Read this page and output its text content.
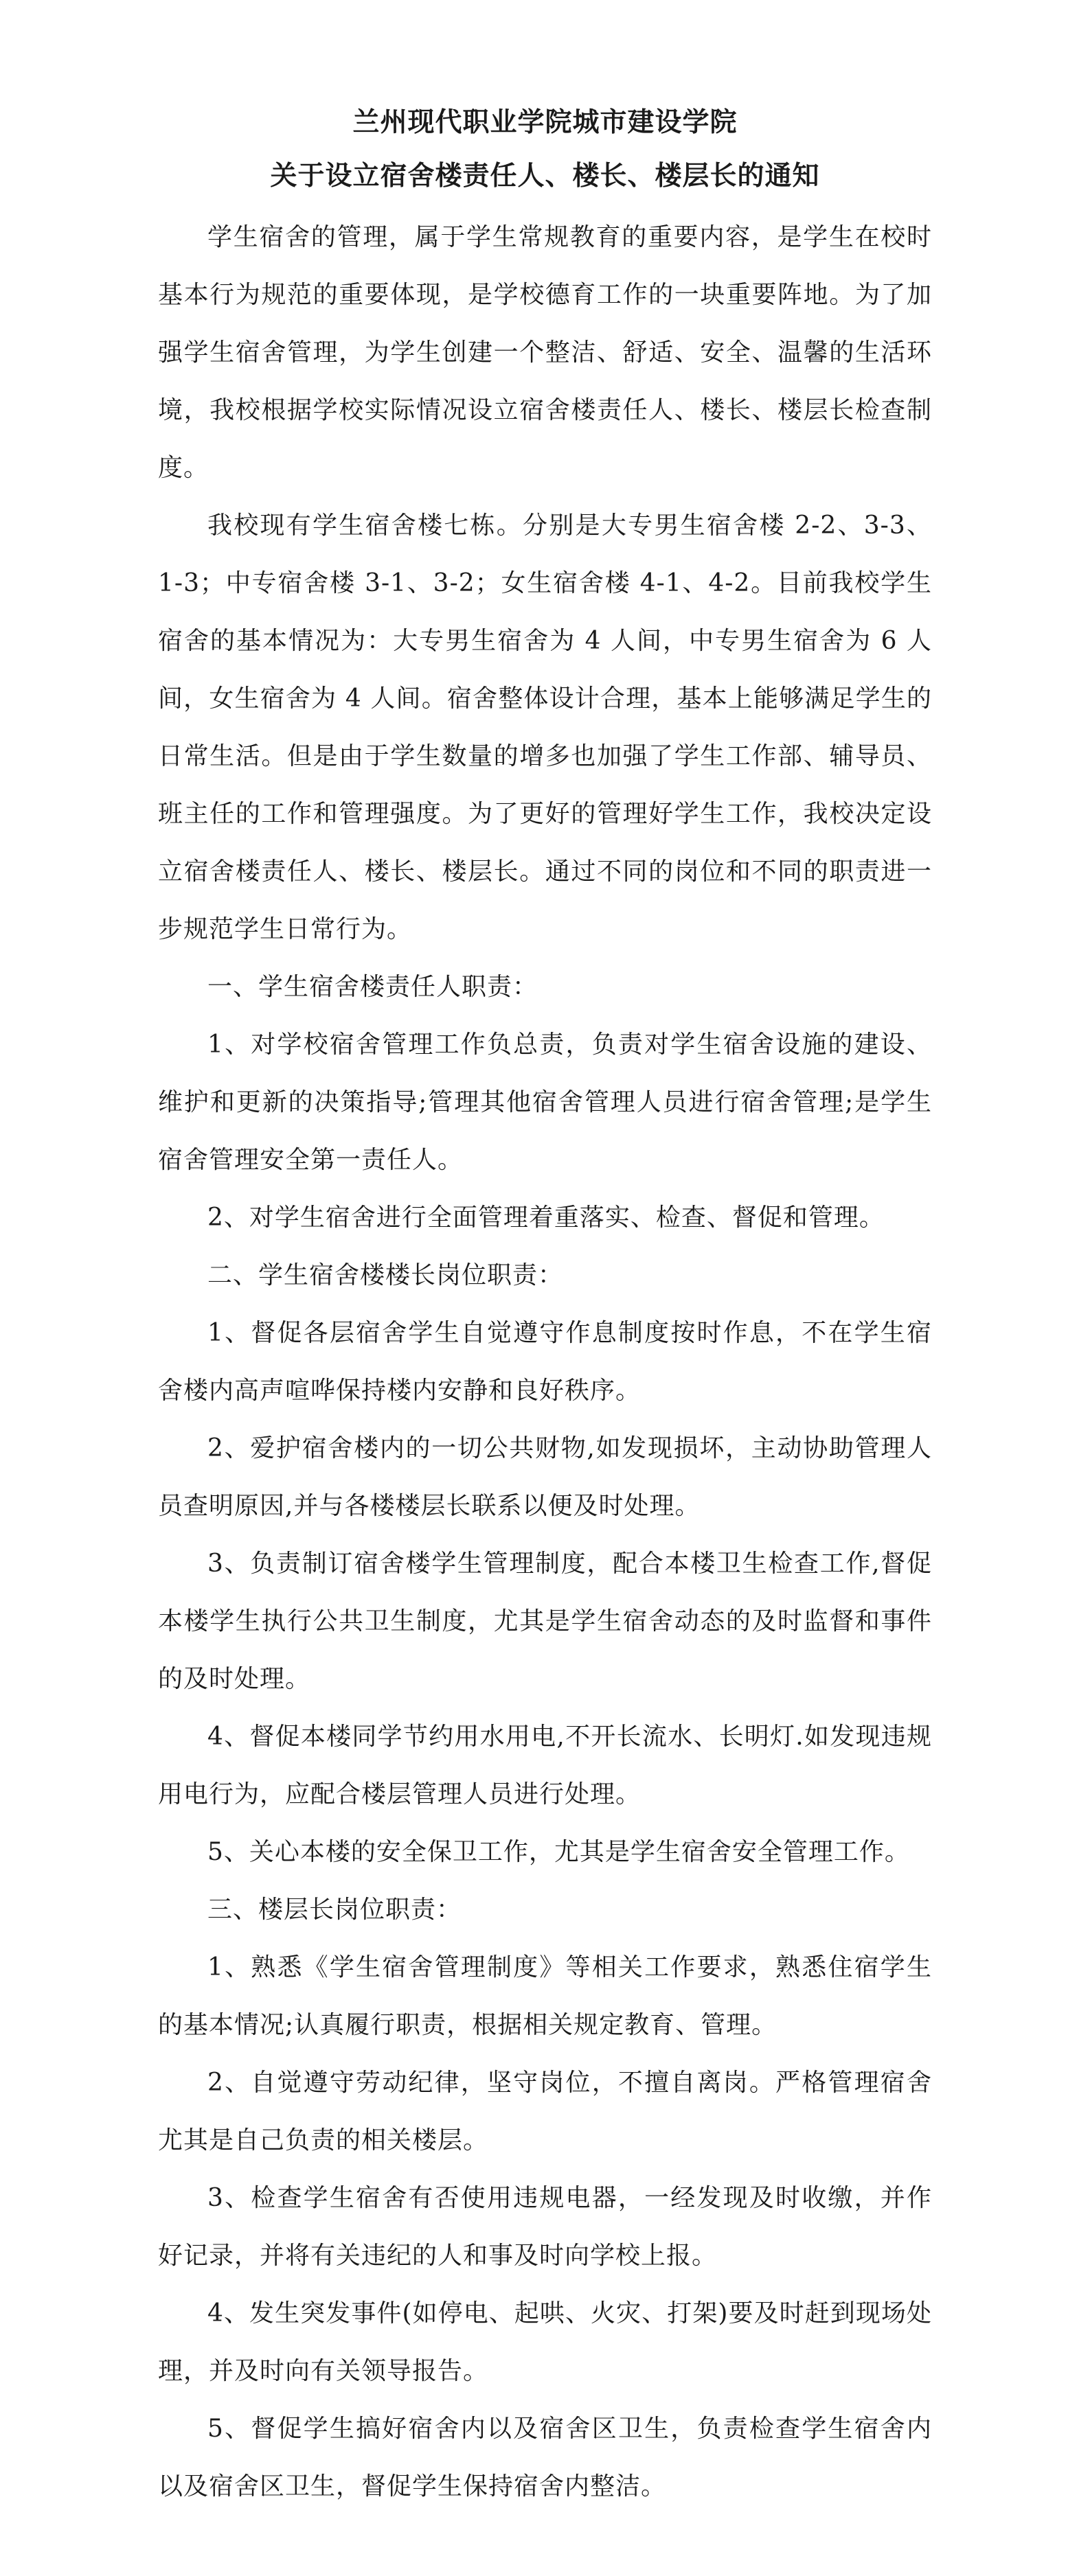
兰州现代职业学院城市建设学院
关于设立宿舍楼责任人、楼长、楼层长的通知

学生宿舍的管理，属于学生常规教育的重要内容，是学生在校时基本行为规范的重要体现，是学校德育工作的一块重要阵地。为了加强学生宿舍管理，为学生创建一个整洁、舒适、安全、温馨的生活环境，我校根据学校实际情况设立宿舍楼责任人、楼长、楼层长检查制度。

我校现有学生宿舍楼七栋。分别是大专男生宿舍楼 2-2、3-3、1-3；中专宿舍楼 3-1、3-2；女生宿舍楼 4-1、4-2。目前我校学生宿舍的基本情况为：大专男生宿舍为 4 人间，中专男生宿舍为 6 人间，女生宿舍为 4 人间。宿舍整体设计合理，基本上能够满足学生的日常生活。但是由于学生数量的增多也加强了学生工作部、辅导员、班主任的工作和管理强度。为了更好的管理好学生工作，我校决定设立宿舍楼责任人、楼长、楼层长。通过不同的岗位和不同的职责进一步规范学生日常行为。

一、学生宿舍楼责任人职责：

1、对学校宿舍管理工作负总责，负责对学生宿舍设施的建设、维护和更新的决策指导;管理其他宿舍管理人员进行宿舍管理;是学生宿舍管理安全第一责任人。

2、对学生宿舍进行全面管理着重落实、检查、督促和管理。

二、学生宿舍楼楼长岗位职责：

1、督促各层宿舍学生自觉遵守作息制度按时作息，不在学生宿舍楼内高声喧哗保持楼内安静和良好秩序。

2、爱护宿舍楼内的一切公共财物,如发现损坏，主动协助管理人员查明原因,并与各楼楼层长联系以便及时处理。

3、负责制订宿舍楼学生管理制度，配合本楼卫生检查工作,督促本楼学生执行公共卫生制度，尤其是学生宿舍动态的及时监督和事件的及时处理。

4、督促本楼同学节约用水用电,不开长流水、长明灯.如发现违规用电行为，应配合楼层管理人员进行处理。

5、关心本楼的安全保卫工作，尤其是学生宿舍安全管理工作。

三、楼层长岗位职责：

1、熟悉《学生宿舍管理制度》等相关工作要求，熟悉住宿学生的基本情况;认真履行职责，根据相关规定教育、管理。

2、自觉遵守劳动纪律，坚守岗位，不擅自离岗。严格管理宿舍尤其是自己负责的相关楼层。

3、检查学生宿舍有否使用违规电器，一经发现及时收缴，并作好记录，并将有关违纪的人和事及时向学校上报。

4、发生突发事件(如停电、起哄、火灾、打架)要及时赶到现场处理，并及时向有关领导报告。

5、督促学生搞好宿舍内以及宿舍区卫生，负责检查学生宿舍内以及宿舍区卫生，督促学生保持宿舍内整洁。
